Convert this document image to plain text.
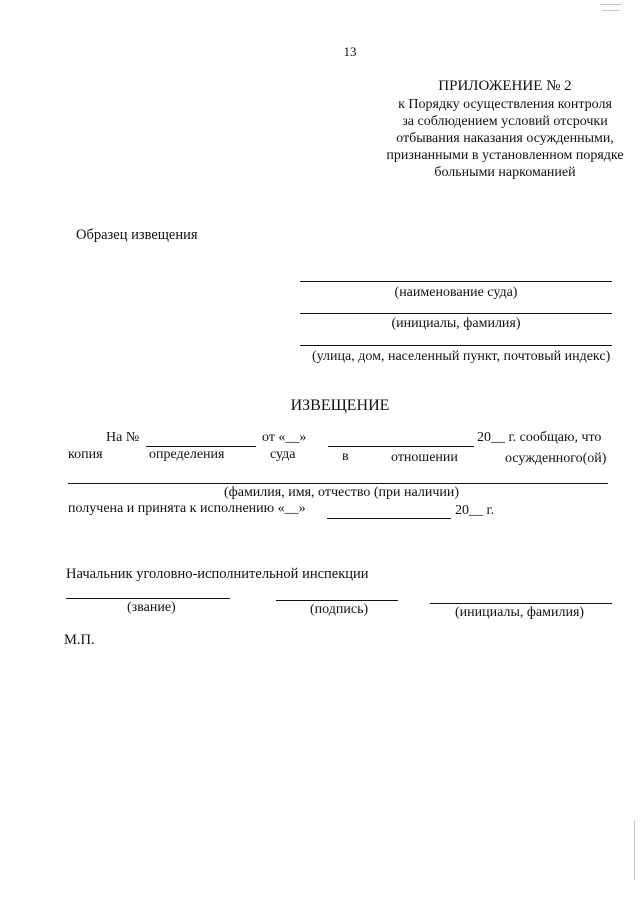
13
ПРИЛОЖЕНИЕ № 2
к Порядку осуществления контроля
за соблюдением условий отсрочки
отбывания наказания осужденными,
признанными в установленном порядке
больными наркоманией
Образец извещения
(наименование суда)
(инициалы, фамилия)
(улица, дом, населенный пункт, почтовый индекс)
ИЗВЕЩЕНИЕ
На №	от «__»	20__ г. сообщаю, что
копия	определения	суда	в	отношении	осужденного(ой)
(фамилия, имя, отчество (при наличии)
получена и принята к исполнению «__»	20__ г.
Начальник уголовно-исполнительной инспекции
(звание)	(подпись)	(инициалы, фамилия)
М.П.
